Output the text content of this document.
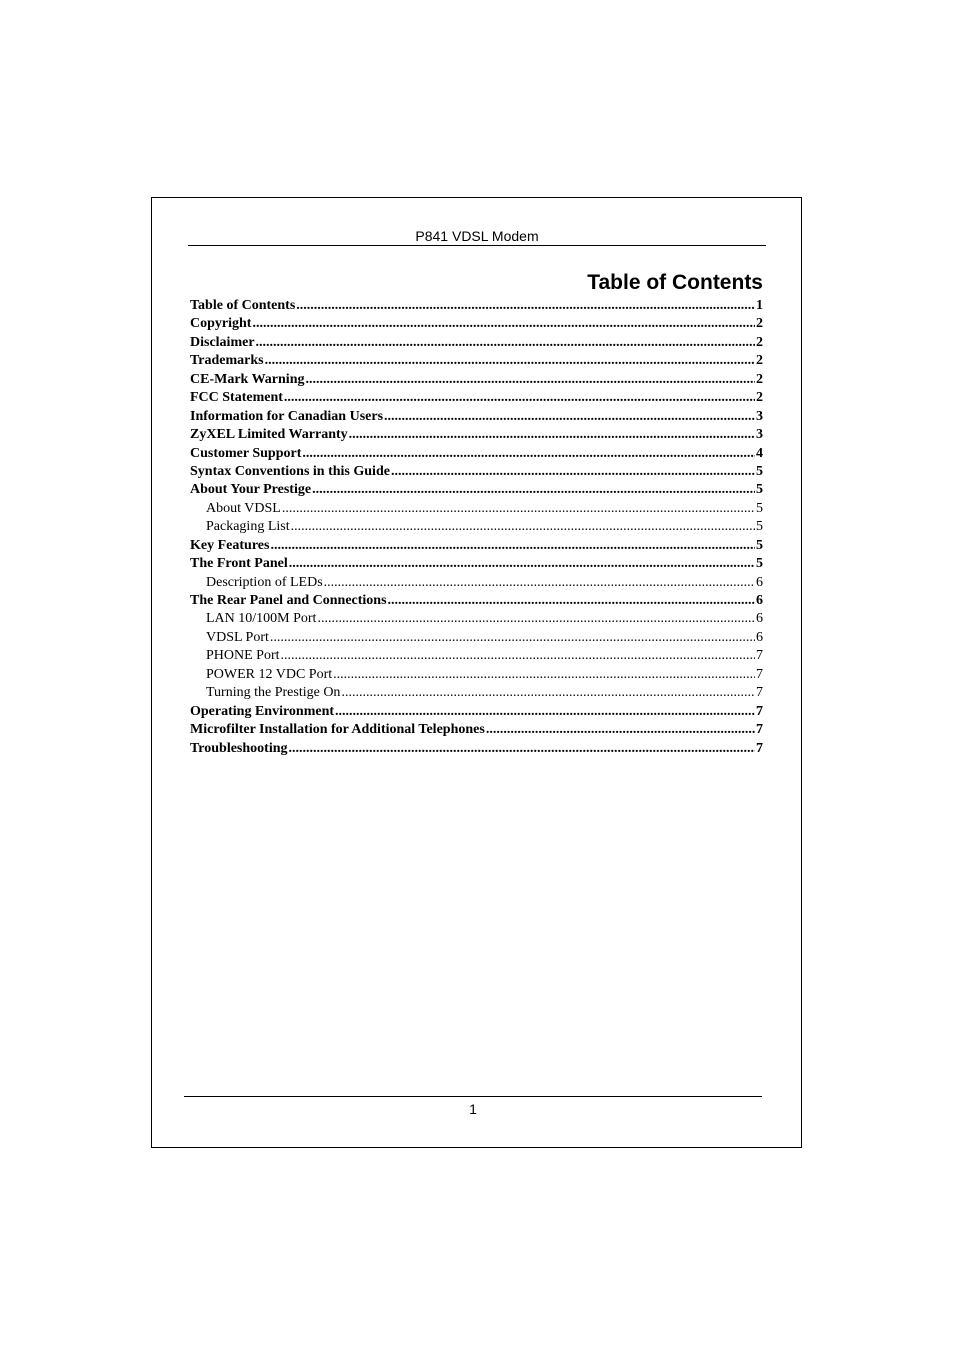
P841 VDSL Modem
Table of Contents
Table of Contents .....	1
Copyright .....	2
Disclaimer .....	2
Trademarks .....	2
CE-Mark Warning .....	2
FCC Statement .....	2
Information for Canadian Users .....	3
ZyXEL Limited Warranty .....	3
Customer Support .....	4
Syntax Conventions in this Guide .....	5
About Your Prestige .....	5
About VDSL .....	5
Packaging List .....	5
Key Features .....	5
The Front Panel .....	5
Description of LEDs .....	6
The Rear Panel and Connections .....	6
LAN 10/100M Port .....	6
VDSL Port .....	6
PHONE Port .....	7
POWER 12 VDC Port .....	7
Turning the Prestige On .....	7
Operating Environment .....	7
Microfilter Installation for Additional Telephones .....	7
Troubleshooting .....	7
1
